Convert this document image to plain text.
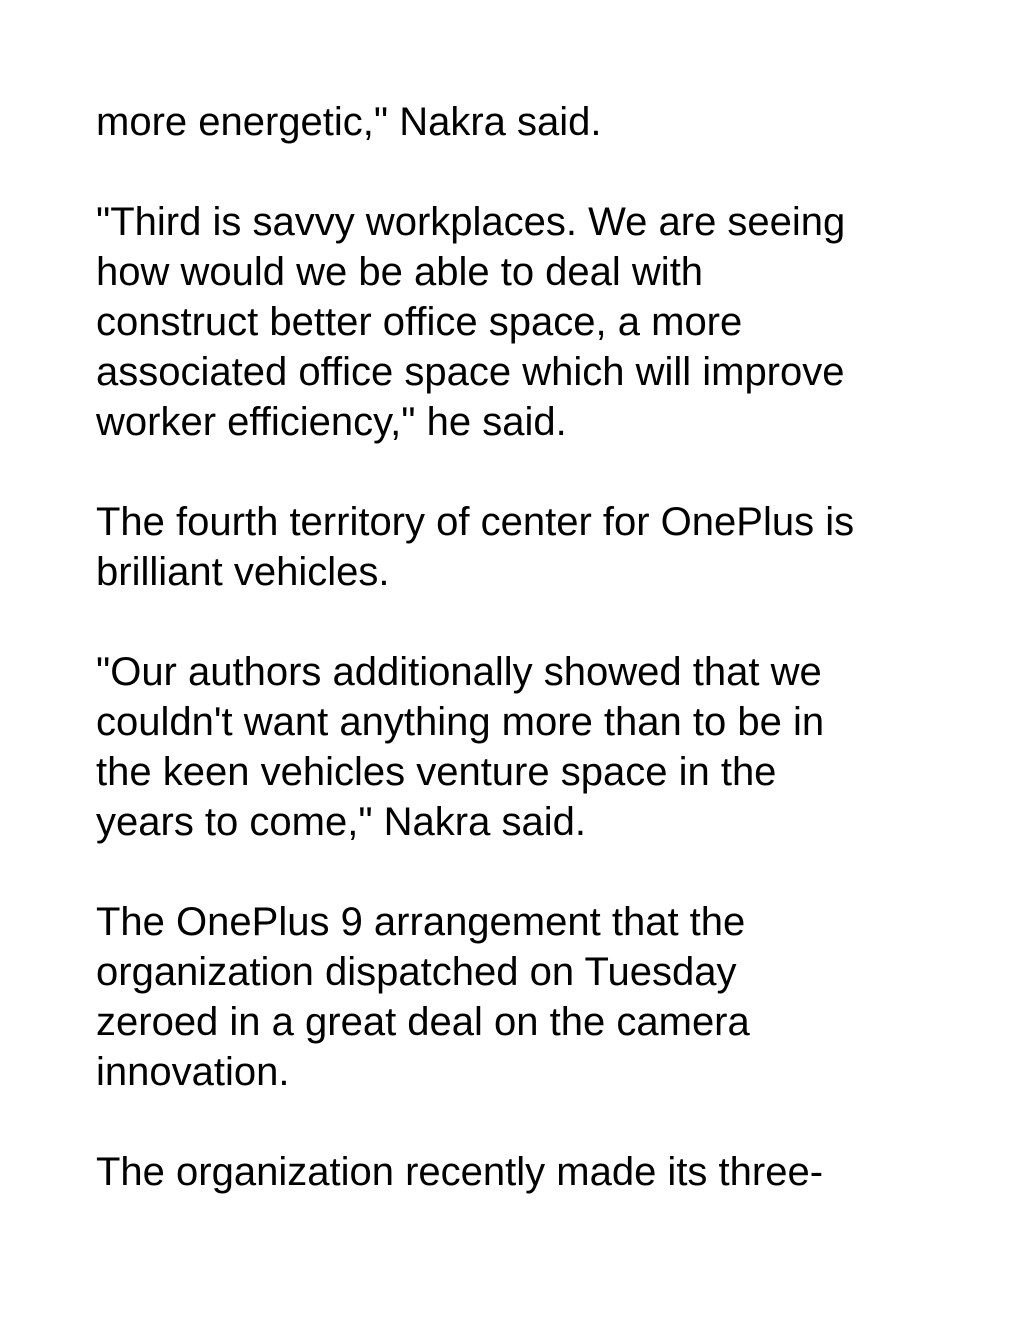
more energetic," Nakra said.

"Third is savvy workplaces. We are seeing
how would we be able to deal with
construct better office space, a more
associated office space which will improve
worker efficiency," he said.

The fourth territory of center for OnePlus is
brilliant vehicles.

"Our authors additionally showed that we
couldn't want anything more than to be in
the keen vehicles venture space in the
years to come," Nakra said.

The OnePlus 9 arrangement that the
organization dispatched on Tuesday
zeroed in a great deal on the camera
innovation.

The organization recently made its three-
